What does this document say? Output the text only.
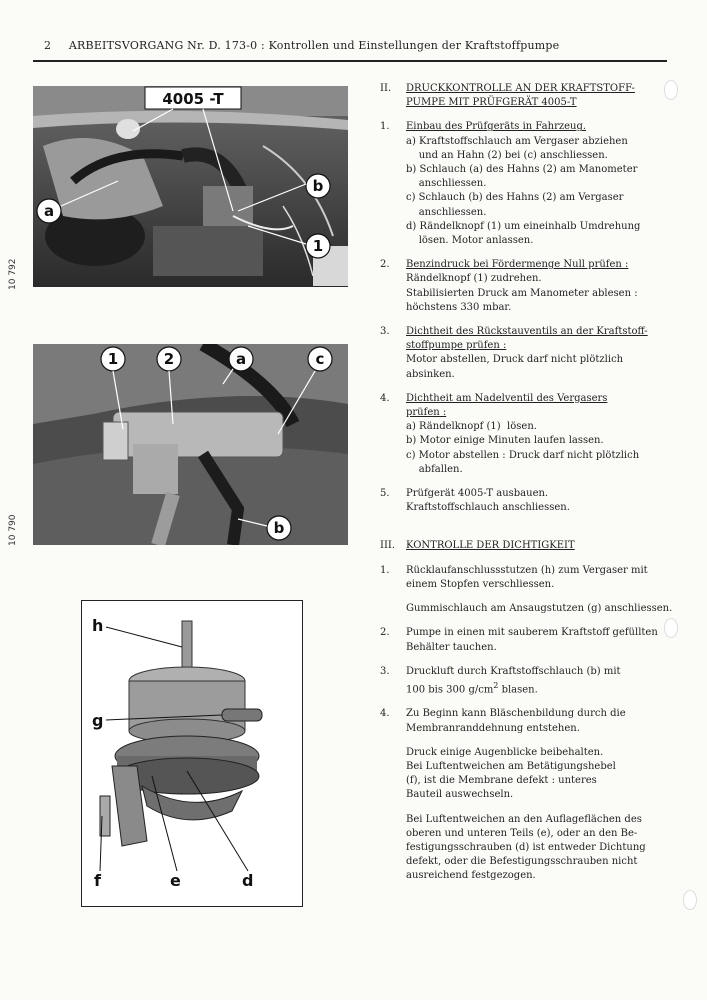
2 ARBEITSVORGANG Nr. D. 173-0 : Kontrollen und Einstellungen der Kraftstoffpumpe
4005 -T
a
b
1
10 792
1	2	a	c
b
10 790
h
g
f	e	d
II.	DRUCKKONTROLLE AN DER KRAFTSTOFF-
PUMPE MIT PRÜFGERÄT 4005-T
1.	Einbau des Prüfgeräts in Fahrzeug.
a) Kraftstoffschlauch am Vergaser abziehen
und an Hahn (2) bei (c) anschliessen.
b) Schlauch (a) des Hahns (2) am Manometer
anschliessen.
c) Schlauch (b) des Hahns (2) am Vergaser
anschliessen.
d) Rändelknopf (1) um eineinhalb Umdrehung
lösen. Motor anlassen.
2.	Benzindruck bei Fördermenge Null prüfen :
Rändelknopf (1) zudrehen.
Stabilisierten Druck am Manometer ablesen :
höchstens 330 mbar.
3.	Dichtheit des Rückstauventils an der Kraftstoff-
stoffpumpe prüfen :
Motor abstellen, Druck darf nicht plötzlich
absinken.
4.	Dichtheit am Nadelventil des Vergasers
prüfen :
a) Rändelknopf (1)  lösen.
b) Motor einige Minuten laufen lassen.
c) Motor abstellen : Druck darf nicht plötzlich
abfallen.
5.	Prüfgerät 4005-T ausbauen.
Kraftstoffschlauch anschliessen.
III.	KONTROLLE DER DICHTIGKEIT
1.	Rücklaufanschlussstutzen (h) zum Vergaser mit
einem Stopfen verschliessen.
Gummischlauch am Ansaugstutzen (g) anschliessen.
2.	Pumpe in einen mit sauberem Kraftstoff gefüllten
Behälter tauchen.
3.	Druckluft durch Kraftstoffschlauch (b) mit
100 bis 300 $g/cm^2$ blasen.
4.	Zu Beginn kann Bläschenbildung durch die
Membranranddehnung entstehen.
Druck einige Augenblicke beibehalten.
Bei Luftentweichen am Betätigungshebel
(f), ist die Membrane defekt : unteres
Bauteil auswechseln.
Bei Luftentweichen an den Auflageflächen des
oberen und unteren Teils (e), oder an den Be-
festigungsschrauben (d) ist entweder Dichtung
defekt, oder die Befestigungsschrauben nicht
ausreichend festgezogen.
